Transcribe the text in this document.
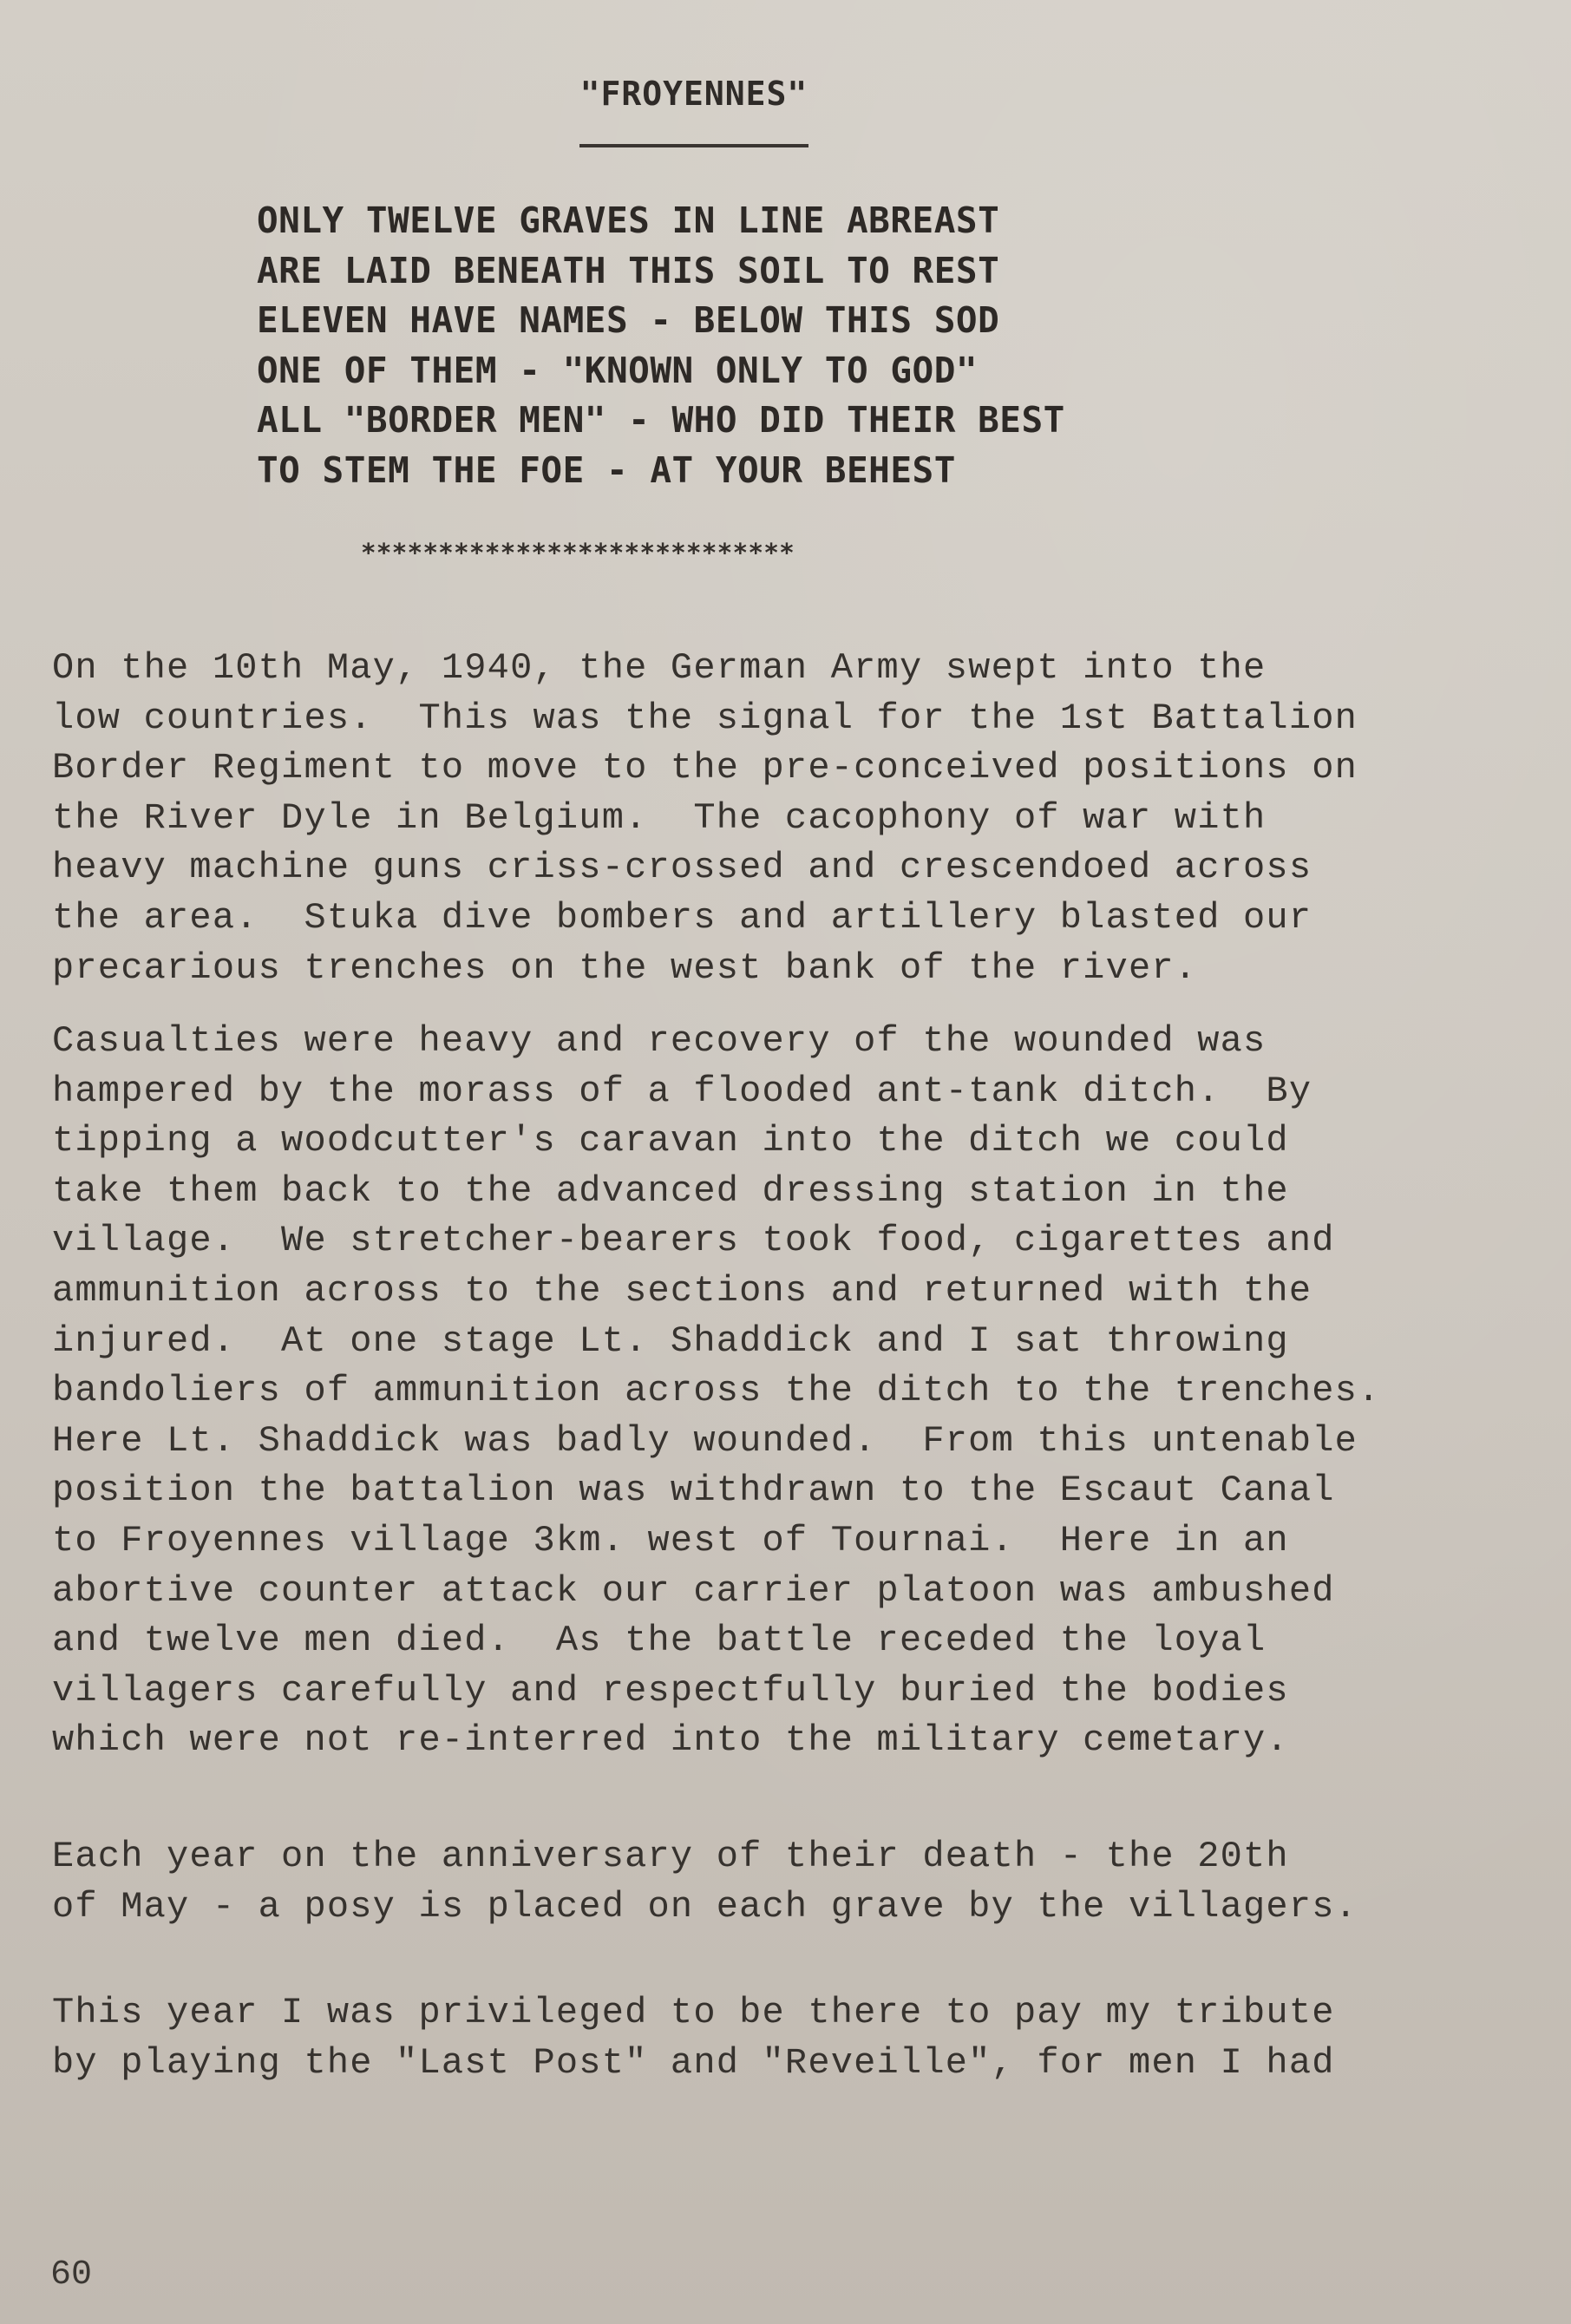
"FROYENNES"
ONLY TWELVE GRAVES IN LINE ABREAST
ARE LAID BENEATH THIS SOIL TO REST
ELEVEN HAVE NAMES - BELOW THIS SOD
ONE OF THEM - "KNOWN ONLY TO GOD"
ALL "BORDER MEN" - WHO DID THEIR BEST
TO STEM THE FOE - AT YOUR BEHEST
****************************
On the 10th May, 1940, the German Army swept into the
low countries.  This was the signal for the 1st Battalion
Border Regiment to move to the pre-conceived positions on
the River Dyle in Belgium.  The cacophony of war with
heavy machine guns criss-crossed and crescendoed across
the area.  Stuka dive bombers and artillery blasted our
precarious trenches on the west bank of the river.
Casualties were heavy and recovery of the wounded was
hampered by the morass of a flooded ant-tank ditch.  By
tipping a woodcutter's caravan into the ditch we could
take them back to the advanced dressing station in the
village.  We stretcher-bearers took food, cigarettes and
ammunition across to the sections and returned with the
injured.  At one stage Lt. Shaddick and I sat throwing
bandoliers of ammunition across the ditch to the trenches.
Here Lt. Shaddick was badly wounded.  From this untenable
position the battalion was withdrawn to the Escaut Canal
to Froyennes village 3km. west of Tournai.  Here in an
abortive counter attack our carrier platoon was ambushed
and twelve men died.  As the battle receded the loyal
villagers carefully and respectfully buried the bodies
which were not re-interred into the military cemetary.
Each year on the anniversary of their death - the 20th
of May - a posy is placed on each grave by the villagers.
This year I was privileged to be there to pay my tribute
by playing the "Last Post" and "Reveille", for men I had
60
